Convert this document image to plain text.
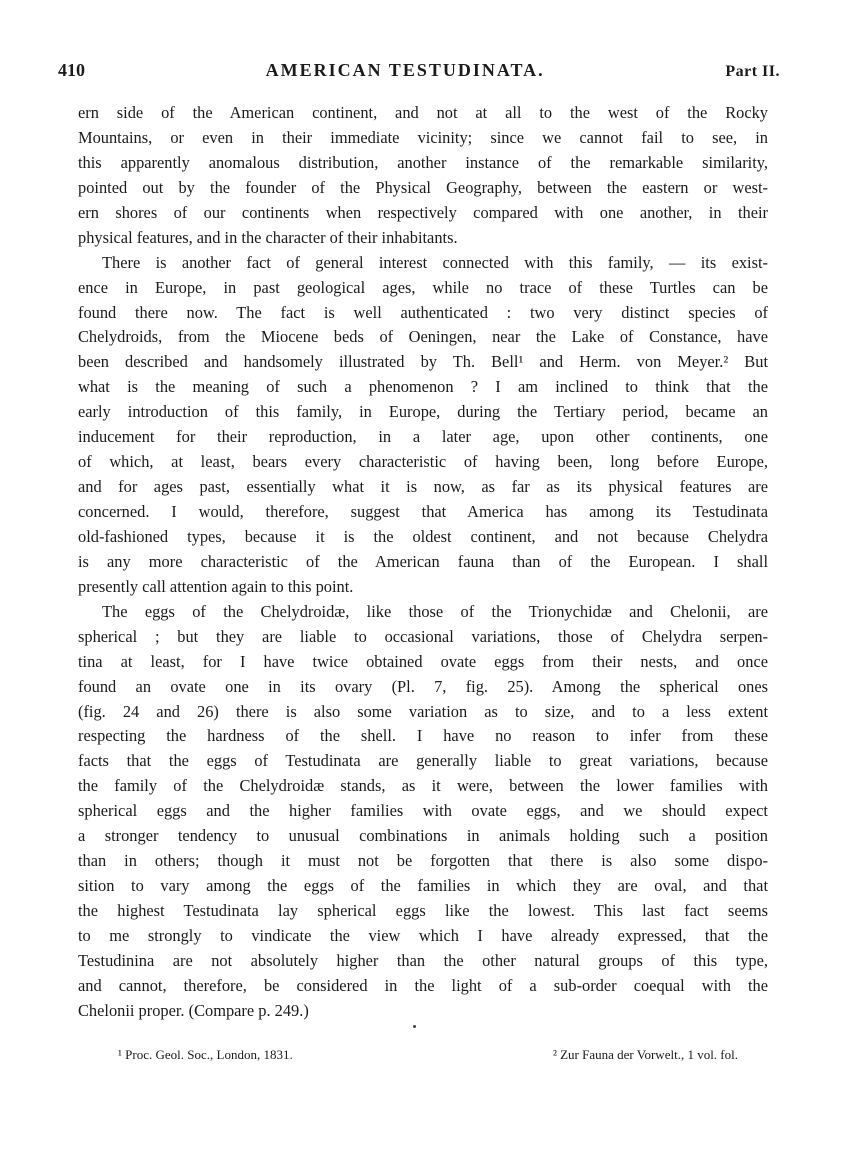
410	AMERICAN TESTUDINATA.	Part II.
ern side of the American continent, and not at all to the west of the Rocky
Mountains, or even in their immediate vicinity; since we cannot fail to see, in
this apparently anomalous distribution, another instance of the remarkable similarity,
pointed out by the founder of the Physical Geography, between the eastern or west-
ern shores of our continents when respectively compared with one another, in their
physical features, and in the character of their inhabitants.
There is another fact of general interest connected with this family, — its exist-
ence in Europe, in past geological ages, while no trace of these Turtles can be
found there now. The fact is well authenticated : two very distinct species of
Chelydroids, from the Miocene beds of Oeningen, near the Lake of Constance, have
been described and handsomely illustrated by Th. Bell¹ and Herm. von Meyer.² But
what is the meaning of such a phenomenon ? I am inclined to think that the
early introduction of this family, in Europe, during the Tertiary period, became an
inducement for their reproduction, in a later age, upon other continents, one
of which, at least, bears every characteristic of having been, long before Europe,
and for ages past, essentially what it is now, as far as its physical features are
concerned. I would, therefore, suggest that America has among its Testudinata
old-fashioned types, because it is the oldest continent, and not because Chelydra
is any more characteristic of the American fauna than of the European. I shall
presently call attention again to this point.
The eggs of the Chelydroidæ, like those of the Trionychidæ and Chelonii, are
spherical ; but they are liable to occasional variations, those of Chelydra serpen-
tina at least, for I have twice obtained ovate eggs from their nests, and once
found an ovate one in its ovary (Pl. 7, fig. 25). Among the spherical ones
(fig. 24 and 26) there is also some variation as to size, and to a less extent
respecting the hardness of the shell. I have no reason to infer from these
facts that the eggs of Testudinata are generally liable to great variations, because
the family of the Chelydroidæ stands, as it were, between the lower families with
spherical eggs and the higher families with ovate eggs, and we should expect
a stronger tendency to unusual combinations in animals holding such a position
than in others; though it must not be forgotten that there is also some dispo-
sition to vary among the eggs of the families in which they are oval, and that
the highest Testudinata lay spherical eggs like the lowest. This last fact seems
to me strongly to vindicate the view which I have already expressed, that the
Testudinina are not absolutely higher than the other natural groups of this type,
and cannot, therefore, be considered in the light of a sub-order coequal with the
Chelonii proper. (Compare p. 249.)
¹ Proc. Geol. Soc., London, 1831.	² Zur Fauna der Vorwelt., 1 vol. fol.
